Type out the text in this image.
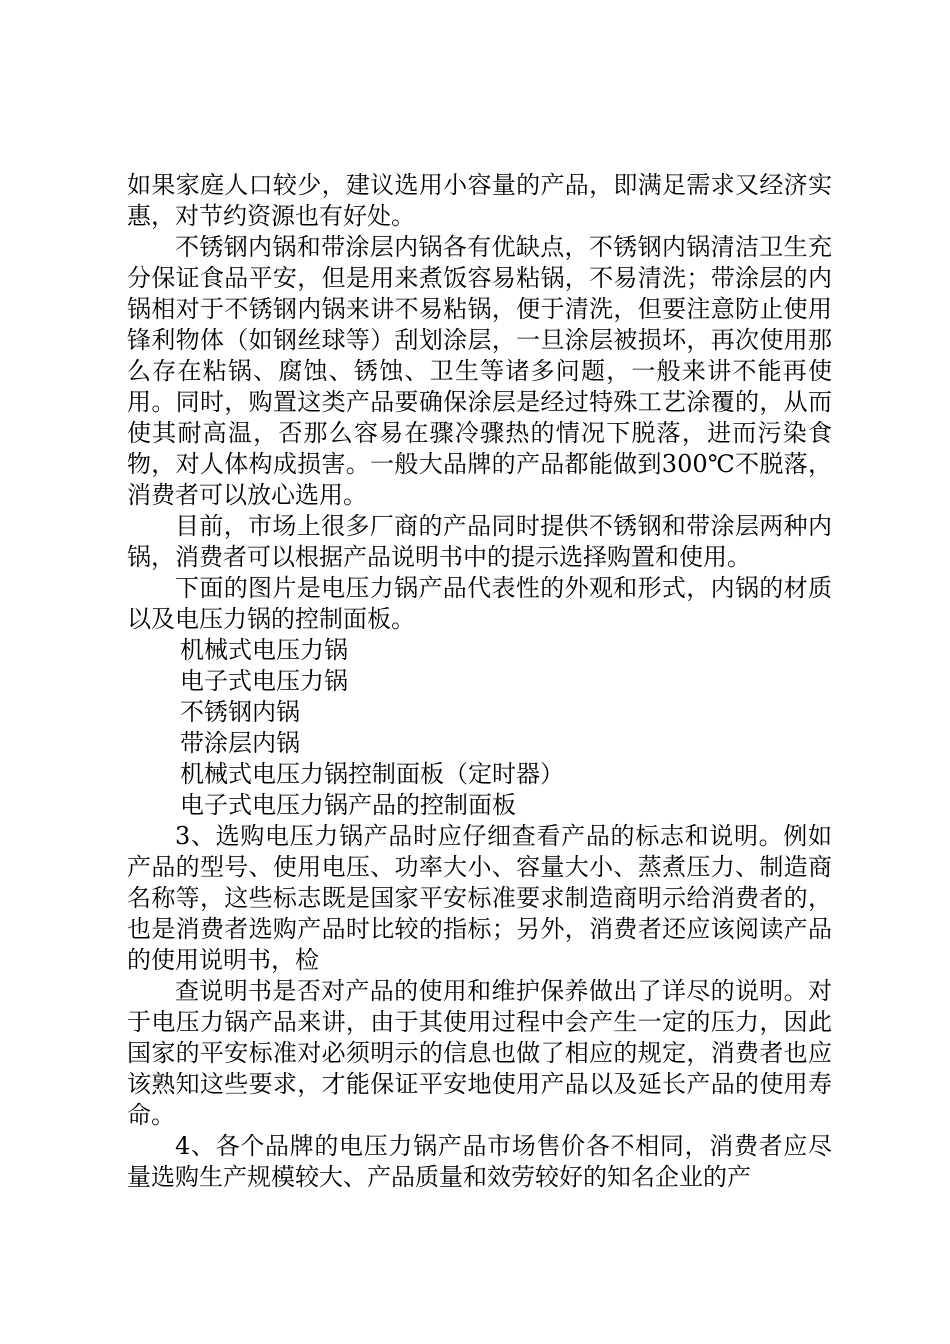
如果家庭人口较少，建议选用小容量的产品，即满足需求又经济实惠，对节约资源也有好处。

不锈钢内锅和带涂层内锅各有优缺点，不锈钢内锅清洁卫生充分保证食品平安，但是用来煮饭容易粘锅，不易清洗；带涂层的内锅相对于不锈钢内锅来讲不易粘锅，便于清洗，但要注意防止使用锋利物体（如钢丝球等）刮划涂层，一旦涂层被损坏，再次使用那么存在粘锅、腐蚀、锈蚀、卫生等诸多问题，一般来讲不能再使用。同时，购置这类产品要确保涂层是经过特殊工艺涂覆的，从而使其耐高温，否那么容易在骤冷骤热的情况下脱落，进而污染食物，对人体构成损害。一般大品牌的产品都能做到300℃不脱落，消费者可以放心选用。

目前，市场上很多厂商的产品同时提供不锈钢和带涂层两种内锅，消费者可以根据产品说明书中的提示选择购置和使用。

下面的图片是电压力锅产品代表性的外观和形式，内锅的材质以及电压力锅的控制面板。

机械式电压力锅

电子式电压力锅

不锈钢内锅

带涂层内锅

机械式电压力锅控制面板（定时器）

电子式电压力锅产品的控制面板

3、选购电压力锅产品时应仔细查看产品的标志和说明。例如产品的型号、使用电压、功率大小、容量大小、蒸煮压力、制造商名称等，这些标志既是国家平安标准要求制造商明示给消费者的，也是消费者选购产品时比较的指标；另外，消费者还应该阅读产品的使用说明书，检

查说明书是否对产品的使用和维护保养做出了详尽的说明。对于电压力锅产品来讲，由于其使用过程中会产生一定的压力，因此国家的平安标准对必须明示的信息也做了相应的规定，消费者也应该熟知这些要求，才能保证平安地使用产品以及延长产品的使用寿命。

4、各个品牌的电压力锅产品市场售价各不相同，消费者应尽量选购生产规模较大、产品质量和效劳较好的知名企业的产
